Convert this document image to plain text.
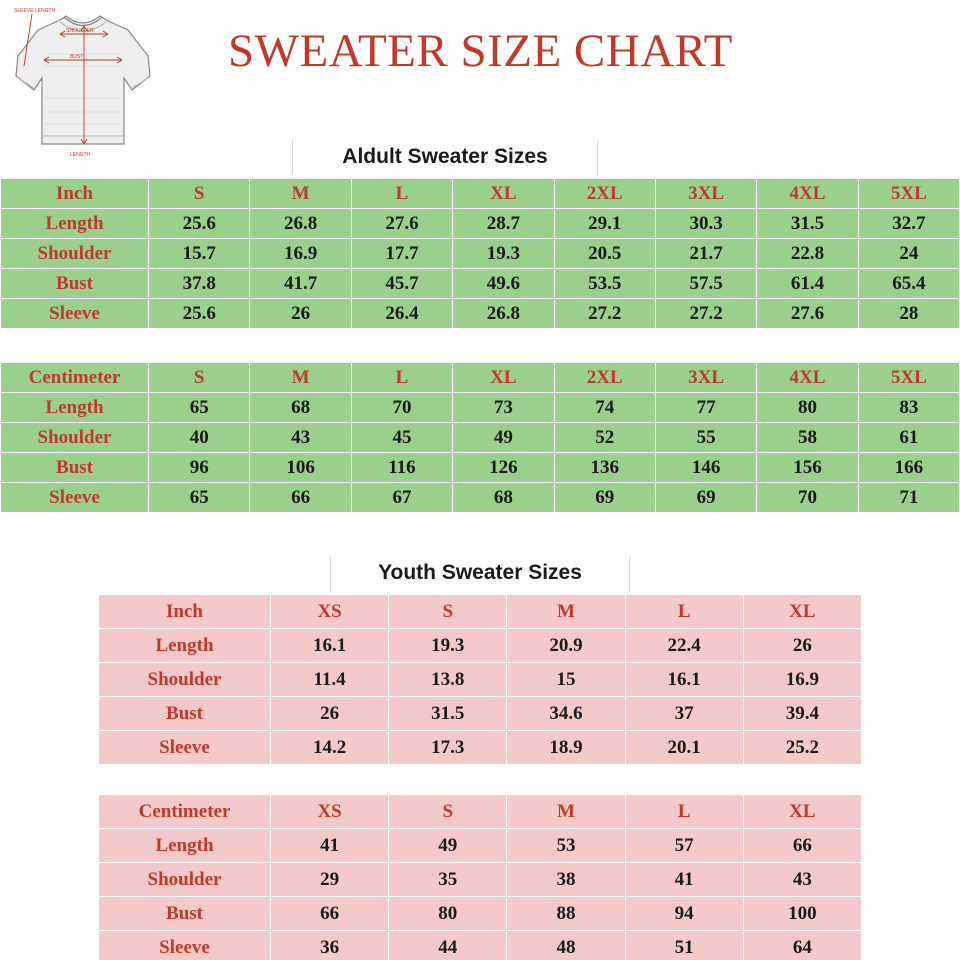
SLEEVE LENGTH
SHOULDER
BUST
LENGTH
SWEATER SIZE CHART
Aldult Sweater Sizes
Youth Sweater Sizes
Inch	S	M	L	XL	2XL	3XL	4XL	5XL
Length	25.6	26.8	27.6	28.7	29.1	30.3	31.5	32.7
Shoulder	15.7	16.9	17.7	19.3	20.5	21.7	22.8	24
Bust	37.8	41.7	45.7	49.6	53.5	57.5	61.4	65.4
Sleeve	25.6	26	26.4	26.8	27.2	27.2	27.6	28
Centimeter	S	M	L	XL	2XL	3XL	4XL	5XL
Length	65	68	70	73	74	77	80	83
Shoulder	40	43	45	49	52	55	58	61
Bust	96	106	116	126	136	146	156	166
Sleeve	65	66	67	68	69	69	70	71
Inch	XS	S	M	L	XL
Length	16.1	19.3	20.9	22.4	26
Shoulder	11.4	13.8	15	16.1	16.9
Bust	26	31.5	34.6	37	39.4
Sleeve	14.2	17.3	18.9	20.1	25.2
Centimeter	XS	S	M	L	XL
Length	41	49	53	57	66
Shoulder	29	35	38	41	43
Bust	66	80	88	94	100
Sleeve	36	44	48	51	64
